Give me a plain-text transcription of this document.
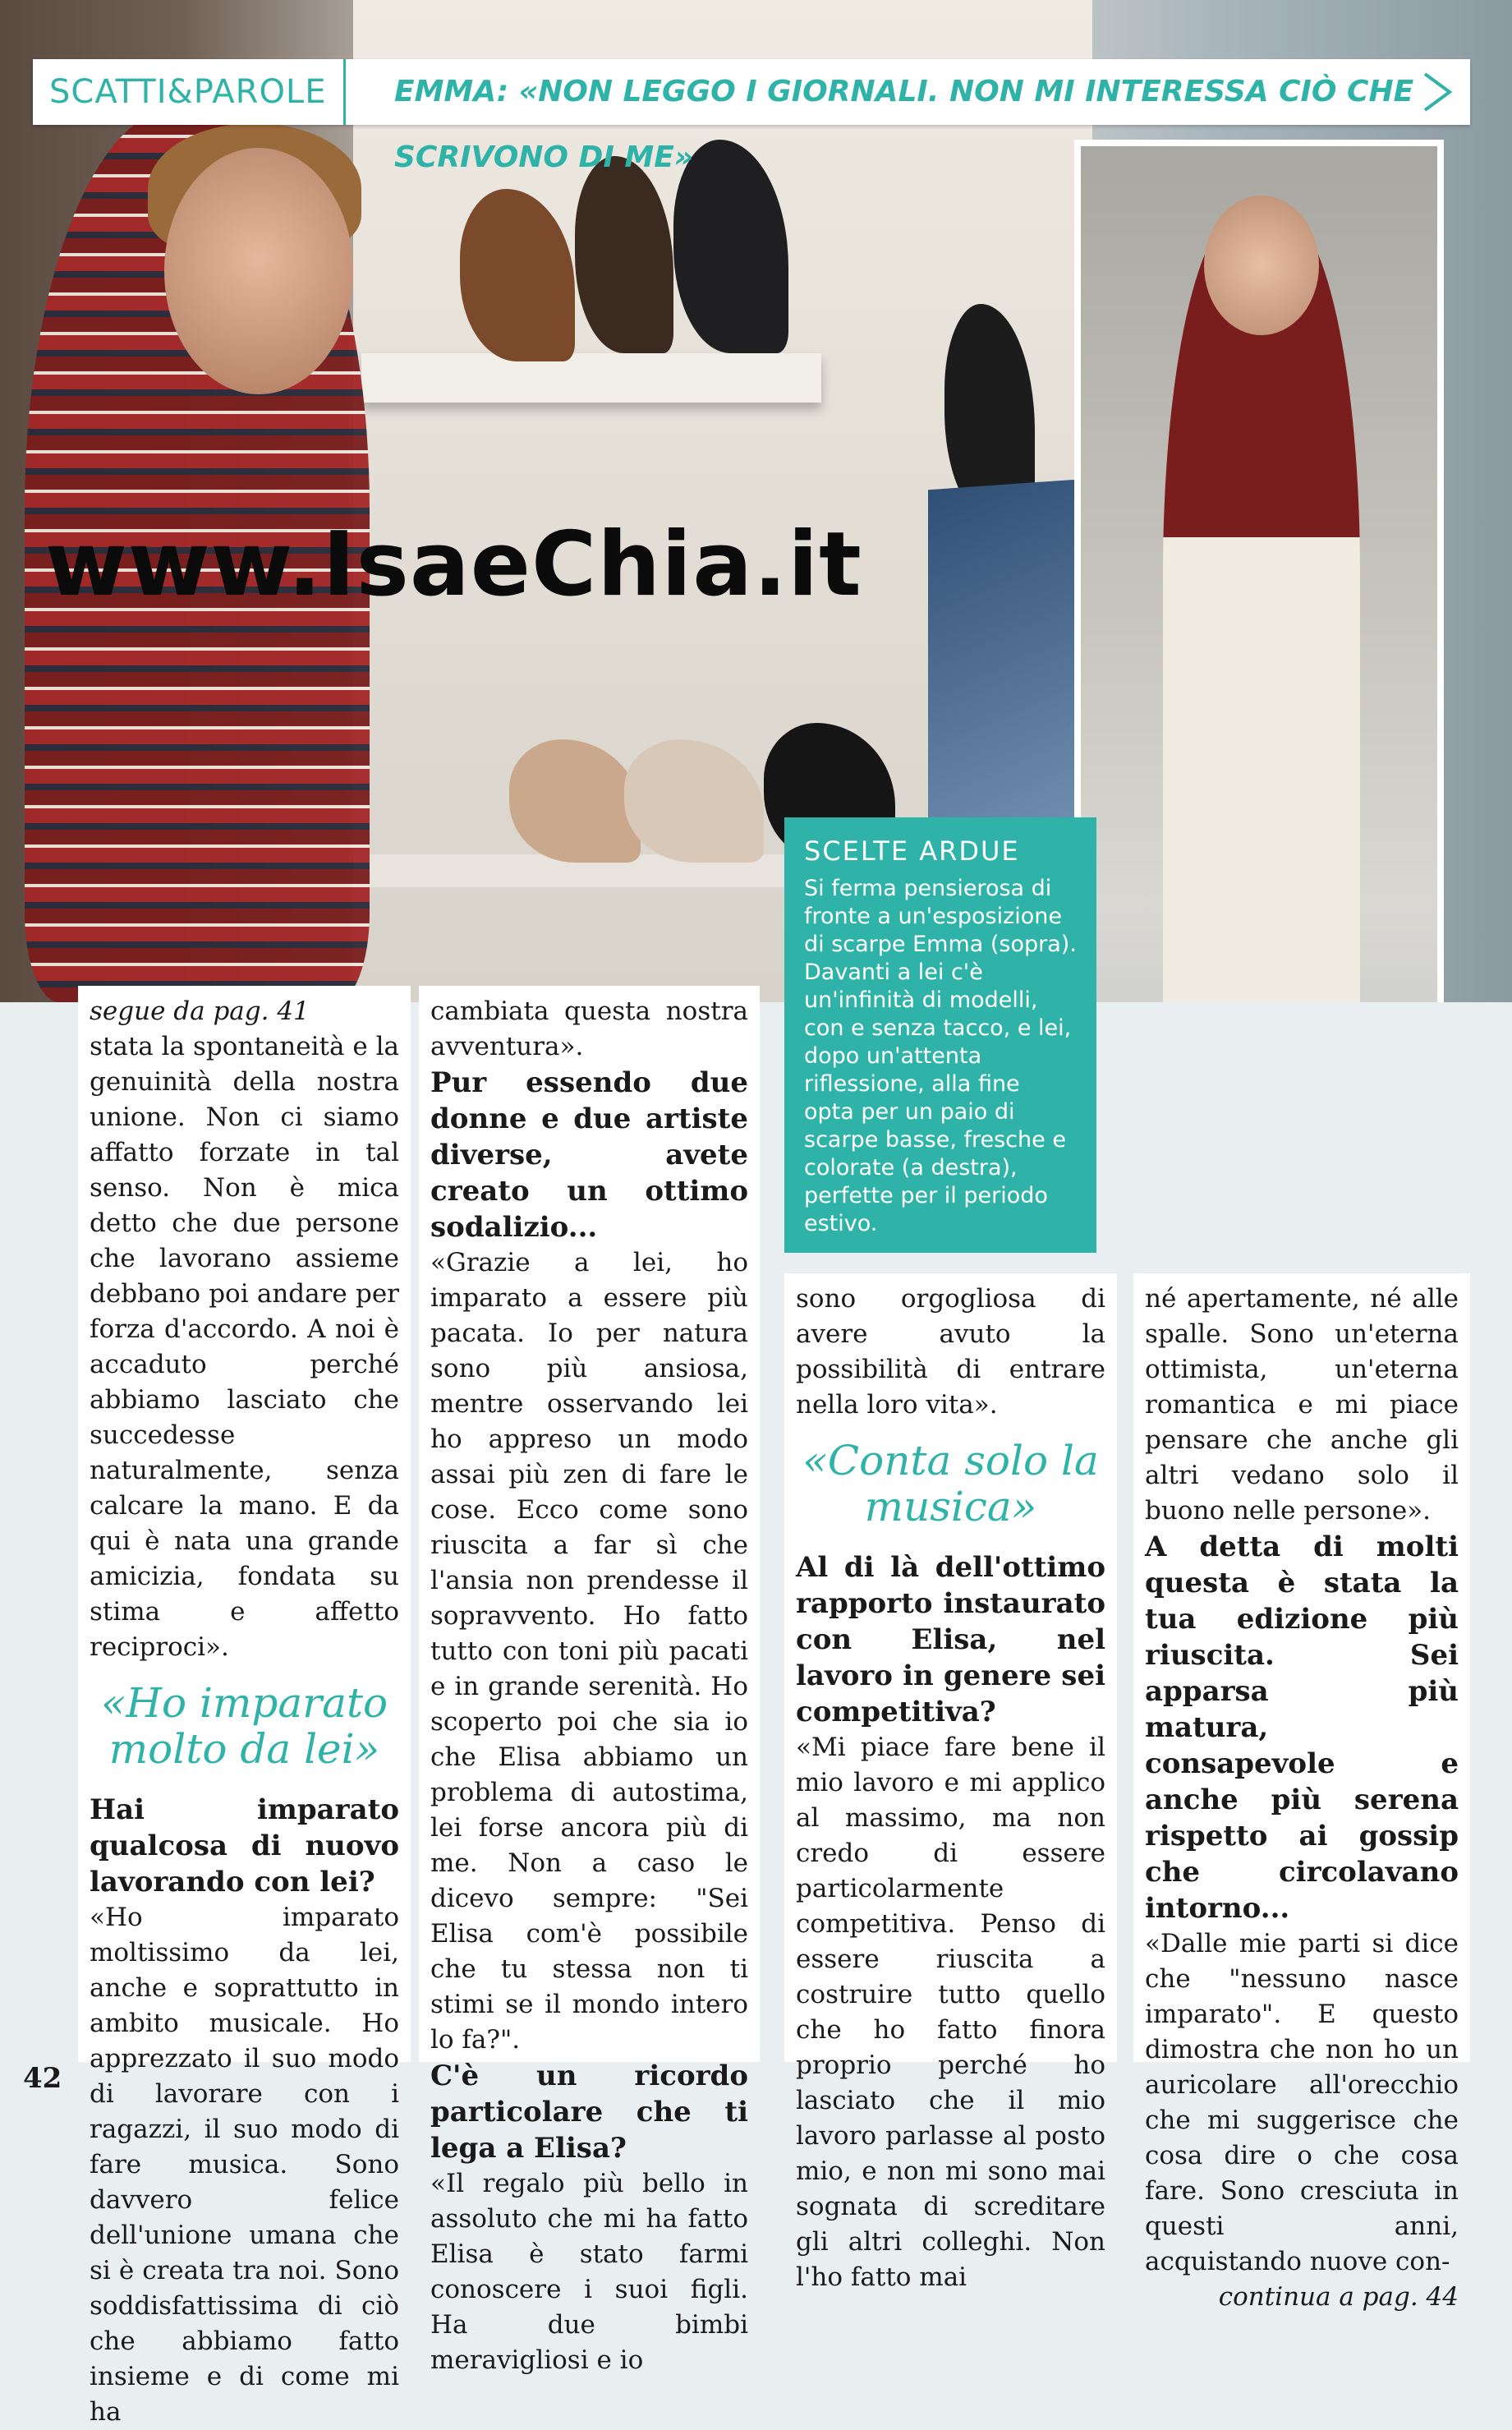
SCATTI&PAROLE	EMMA: «NON LEGGO I GIORNALI. NON MI INTERESSA CIÒ CHE SCRIVONO DI ME»
www.IsaeChia.it
SCELTE ARDUE
Si ferma pensierosa di fronte a un'esposizione di scarpe Emma (sopra). Davanti a lei c'è un'infinità di modelli, con e senza tacco, e lei, dopo un'attenta riflessione, alla fine opta per un paio di scarpe basse, fresche e colorate (a destra), perfette per il periodo estivo.

segue da pag. 41

stata la spontaneità e la genuinità della nostra unione. Non ci siamo affatto forzate in tal senso. Non è mica detto che due persone che lavorano assieme debbano poi andare per forza d'accordo. A noi è accaduto perché abbiamo lasciato che succedesse naturalmente, senza calcare la mano. E da qui è nata una grande amicizia, fondata su stima e affetto reciproci».

«Ho imparato molto da lei»

Hai imparato qualcosa di nuovo lavorando con lei?

«Ho imparato moltissimo da lei, anche e soprattutto in ambito musicale. Ho apprezzato il suo modo di lavorare con i ragazzi, il suo modo di fare musica. Sono davvero felice dell'unione umana che si è creata tra noi. Sono soddisfattissima di ciò che abbiamo fatto insieme e di come mi ha

cambiata questa nostra avventura».

Pur essendo due donne e due artiste diverse, avete creato un ottimo sodalizio...

«Grazie a lei, ho imparato a essere più pacata. Io per natura sono più ansiosa, mentre osservando lei ho appreso un modo assai più zen di fare le cose. Ecco come sono riuscita a far sì che l'ansia non prendesse il sopravvento. Ho fatto tutto con toni più pacati e in grande serenità. Ho scoperto poi che sia io che Elisa abbiamo un problema di autostima, lei forse ancora più di me. Non a caso le dicevo sempre: "Sei Elisa com'è possibile che tu stessa non ti stimi se il mondo intero lo fa?".

C'è un ricordo particolare che ti lega a Elisa?

«Il regalo più bello in assoluto che mi ha fatto Elisa è stato farmi conoscere i suoi figli. Ha due bimbi meravigliosi e io

sono orgogliosa di avere avuto la possibilità di entrare nella loro vita».

«Conta solo la musica»

Al di là dell'ottimo rapporto instaurato con Elisa, nel lavoro in genere sei competitiva?

«Mi piace fare bene il mio lavoro e mi applico al massimo, ma non credo di essere particolarmente competitiva. Penso di essere riuscita a costruire tutto quello che ho fatto finora proprio perché ho lasciato che il mio lavoro parlasse al posto mio, e non mi sono mai sognata di screditare gli altri colleghi. Non l'ho fatto mai

né apertamente, né alle spalle. Sono un'eterna ottimista, un'eterna romantica e mi piace pensare che anche gli altri vedano solo il buono nelle persone».

A detta di molti questa è stata la tua edizione più riuscita. Sei apparsa più matura, consapevole e anche più serena rispetto ai gossip che circolavano intorno...

«Dalle mie parti si dice che "nessuno nasce imparato". E questo dimostra che non ho un auricolare all'orecchio che mi suggerisce che cosa dire o che cosa fare. Sono cresciuta in questi anni, acquistando nuove con-

continua a pag. 44

42
